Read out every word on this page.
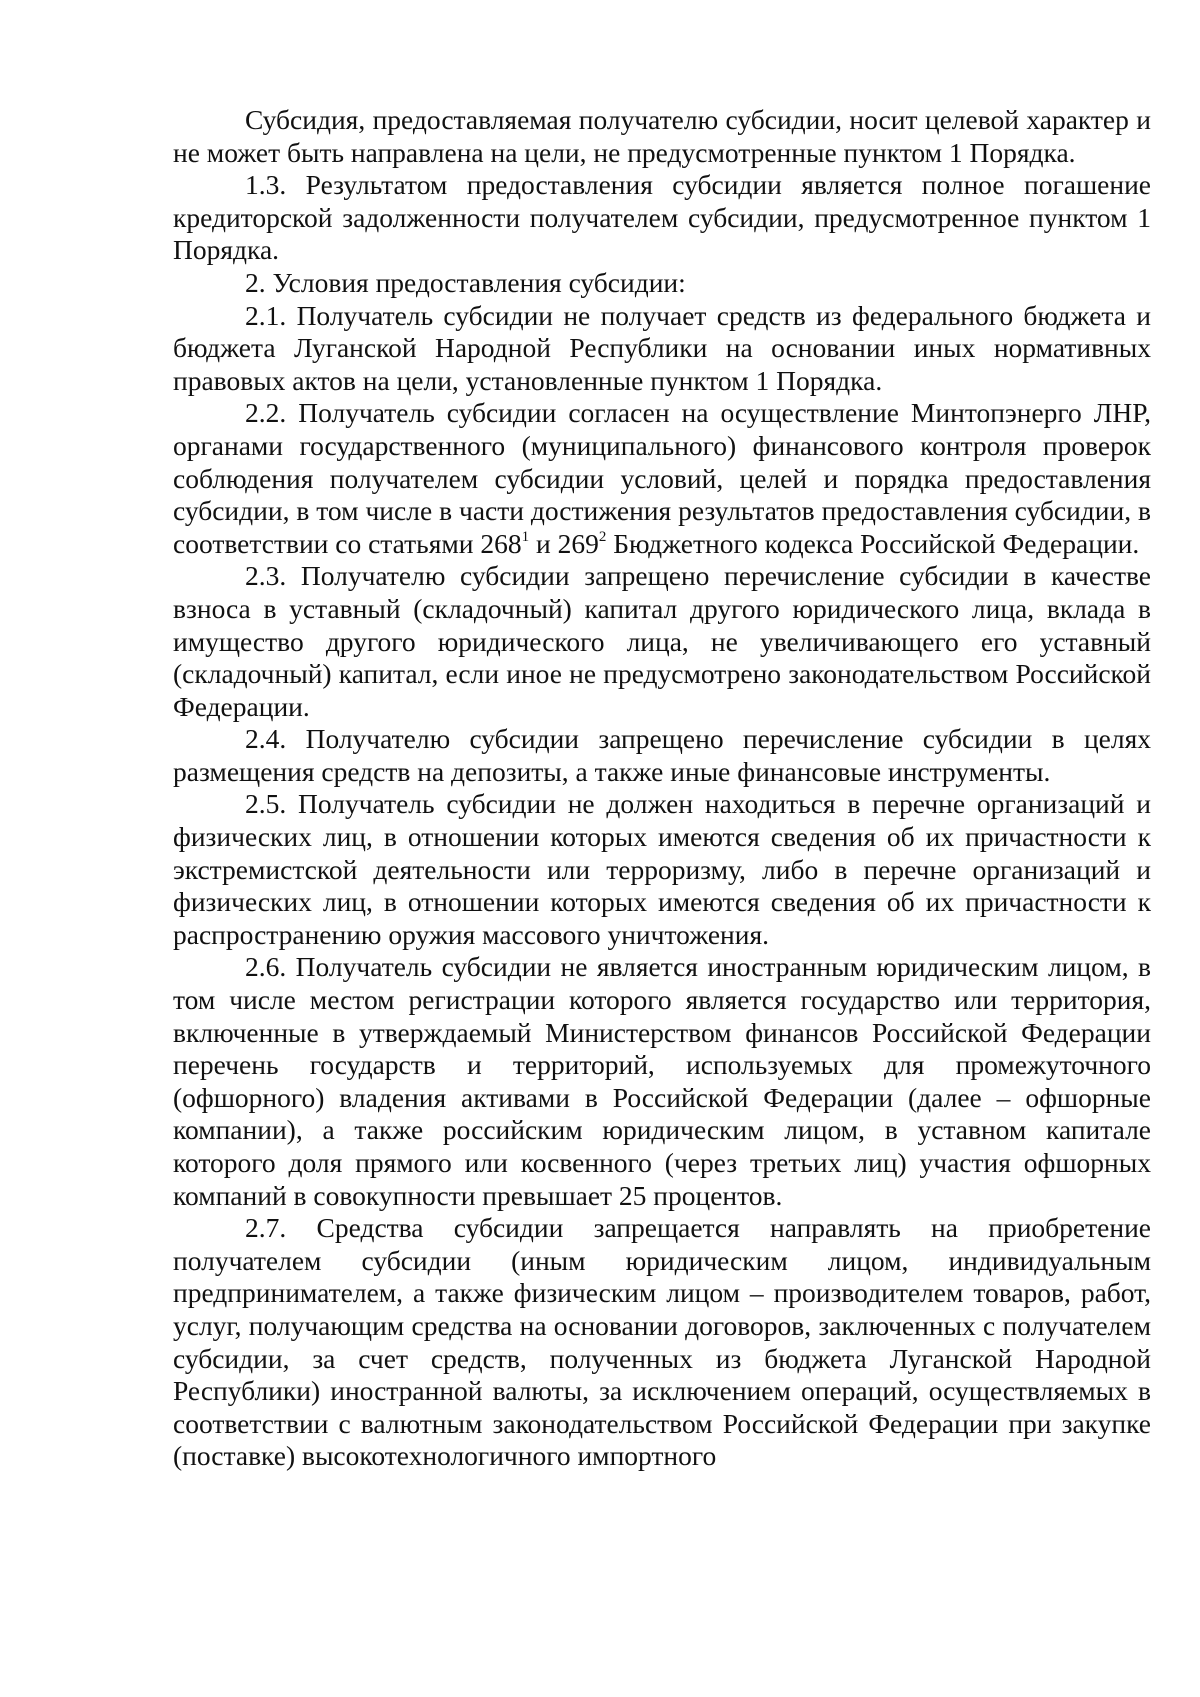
Субсидия, предоставляемая получателю субсидии, носит целевой характер и не может быть направлена на цели, не предусмотренные пунктом 1 Порядка.

1.3. Результатом предоставления субсидии является полное погашение кредиторской задолженности получателем субсидии, предусмотренное пунктом 1 Порядка.

2. Условия предоставления субсидии:

2.1. Получатель субсидии не получает средств из федерального бюджета и бюджета Луганской Народной Республики на основании иных нормативных правовых актов на цели, установленные пунктом 1 Порядка.

2.2. Получатель субсидии согласен на осуществление Минтопэнерго ЛНР, органами государственного (муниципального) финансового контроля проверок соблюдения получателем субсидии условий, целей и порядка предоставления субсидии, в том числе в части достижения результатов предоставления субсидии, в соответствии со статьями $268^1$ и $269^2$ Бюджетного кодекса Российской Федерации.

2.3. Получателю субсидии запрещено перечисление субсидии в качестве взноса в уставный (складочный) капитал другого юридического лица, вклада в имущество другого юридического лица, не увеличивающего его уставный (складочный) капитал, если иное не предусмотрено законодательством Российской Федерации.

2.4. Получателю субсидии запрещено перечисление субсидии в целях размещения средств на депозиты, а также иные финансовые инструменты.

2.5. Получатель субсидии не должен находиться в перечне организаций и физических лиц, в отношении которых имеются сведения об их причастности к экстремистской деятельности или терроризму, либо в перечне организаций и физических лиц, в отношении которых имеются сведения об их причастности к распространению оружия массового уничтожения.

2.6. Получатель субсидии не является иностранным юридическим лицом, в том числе местом регистрации которого является государство или территория, включенные в утверждаемый Министерством финансов Российской Федерации перечень государств и территорий, используемых для промежуточного (офшорного) владения активами в Российской Федерации (далее – офшорные компании), а также российским юридическим лицом, в уставном капитале которого доля прямого или косвенного (через третьих лиц) участия офшорных компаний в совокупности превышает 25 процентов.

2.7. Средства субсидии запрещается направлять на приобретение получателем субсидии (иным юридическим лицом, индивидуальным предпринимателем, а также физическим лицом – производителем товаров, работ, услуг, получающим средства на основании договоров, заключенных с получателем субсидии, за счет средств, полученных из бюджета Луганской Народной Республики) иностранной валюты, за исключением операций, осуществляемых в соответствии с валютным законодательством Российской Федерации при закупке (поставке) высокотехнологичного импортного
